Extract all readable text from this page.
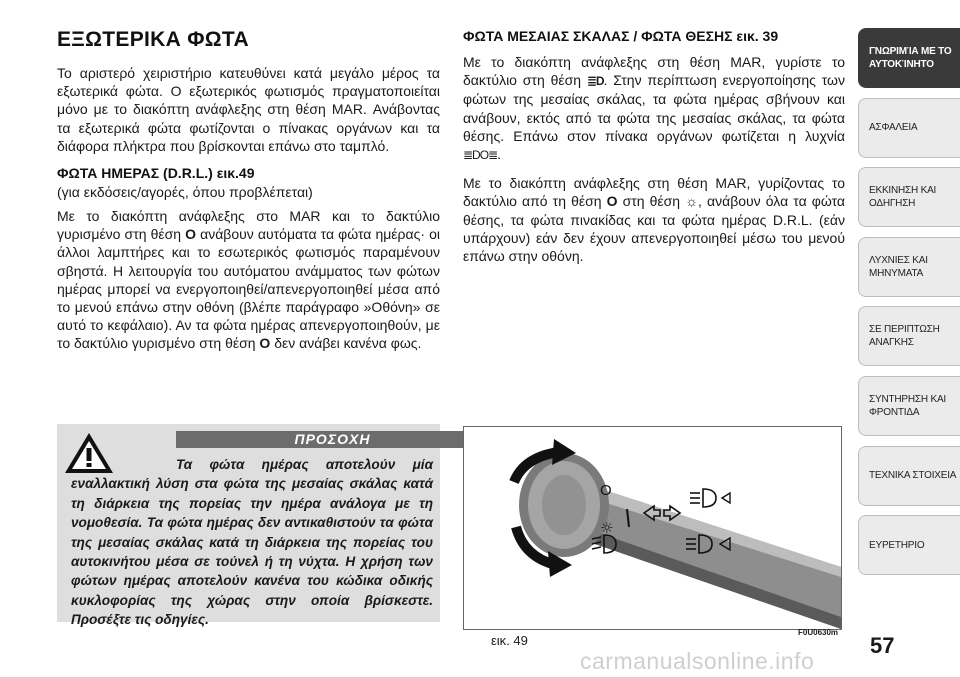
ΕΞΩΤΕΡΙΚΑ ΦΩΤΑ

Το αριστερό χειριστήριο κατευθύνει κατά μεγάλο μέρος τα εξωτερικά φώτα. Ο εξωτερικός φωτισμός πραγματοποιείται μόνο με το διακόπτη ανάφλεξης στη θέση MAR. Ανάβοντας τα εξωτερικά φώτα φωτίζονται ο πίνακας οργάνων και τα διάφορα πλήκτρα που βρίσκονται επάνω στο ταμπλό.

ΦΩΤΑ ΗΜΕΡΑΣ (D.R.L.) εικ.49
(για εκδόσεις/αγορές, όπου προβλέπεται)

Με το διακόπτη ανάφλεξης στο MAR και το δακτύλιο γυρισμένο στη θέση O ανάβουν αυτόματα τα φώτα ημέρας· οι άλλοι λαμπτήρες και το εσωτερικός φωτισμός παραμένουν σβηστά. Η λειτουργία του αυτόματου ανάμματος των φώτων ημέρας μπορεί να ενεργοποιηθεί/απενεργοποιηθεί μέσα από το μενού επάνω στην οθόνη (βλέπε παράγραφο »Οθόνη» σε αυτό το κεφάλαιο). Αν τα φώτα ημέρας απενεργοποιηθούν, με το δακτύλιο γυρισμένο στη θέση O δεν ανάβει κανένα φως.

ΠΡΟΣΟΧΗ
Τα φώτα ημέρας αποτελούν μία εναλλακτική λύση στα φώτα της μεσαίας σκάλας κατά τη διάρκεια της πορείας την ημέρα ανάλογα με τη νομοθεσία. Τα φώτα ημέρας δεν αντικαθιστούν τα φώτα της μεσαίας σκάλας κατά τη διάρκεια της πορείας του αυτοκινήτου μέσα σε τούνελ ή τη νύχτα. Η χρήση των φώτων ημέρας αποτελούν κανένα του κώδικα οδικής κυκλοφορίας της χώρας στην οποία βρίσκεστε. Προσέξτε τις οδηγίες.
ΦΩΤΑ ΜΕΣΑΙΑΣ ΣΚΑΛΑΣ / ΦΩΤΑ ΘΕΣΗΣ εικ. 39

Με το διακόπτη ανάφλεξης στη θέση MAR, γυρίστε το δακτύλιο στη θέση ≣D. Στην περίπτωση ενεργοποίησης των φώτων της μεσαίας σκάλας, τα φώτα ημέρας σβήνουν και ανάβουν, εκτός από τα φώτα της μεσαίας σκάλας, τα φώτα θέσης. Επάνω στον πίνακα οργάνων φωτίζεται η λυχνία ≣DO≣.

Με το διακόπτη ανάφλεξης στη θέση MAR, γυρίζοντας το δακτύλιο από τη θέση O στη θέση ☼, ανάβουν όλα τα φώτα θέσης, τα φώτα πινακίδας και τα φώτα ημέρας D.R.L. (εάν υπάρχουν) εάν δεν έχουν απενεργοποιηθεί μέσω του μενού επάνω στην οθόνη.

O
☼
F0U0630m
εικ. 49
ΓΝΩΡΙΜΊΑ ΜΕ ΤΟ ΑΥΤΟΚΊΝΗΤΟ
ΑΣΦΑΛΕΙΑ
ΕΚΚΙΝΗΣΗ ΚΑΙ ΟΔΗΓΗΣΗ
ΛΥΧΝΙΕΣ ΚΑΙ ΜΗΝΥΜΑΤΑ
ΣΕ ΠΕΡΙΠΤΩΣΗ ΑΝΑΓΚΗΣ
ΣΥΝΤΗΡΗΣΗ ΚΑΙ ΦΡΟΝΤΙΔΑ
ΤΕΧΝΙΚΑ ΣΤΟΙΧΕΙΑ
ΕΥΡΕΤΗΡΙΟ
57
carmanualsonline.info
